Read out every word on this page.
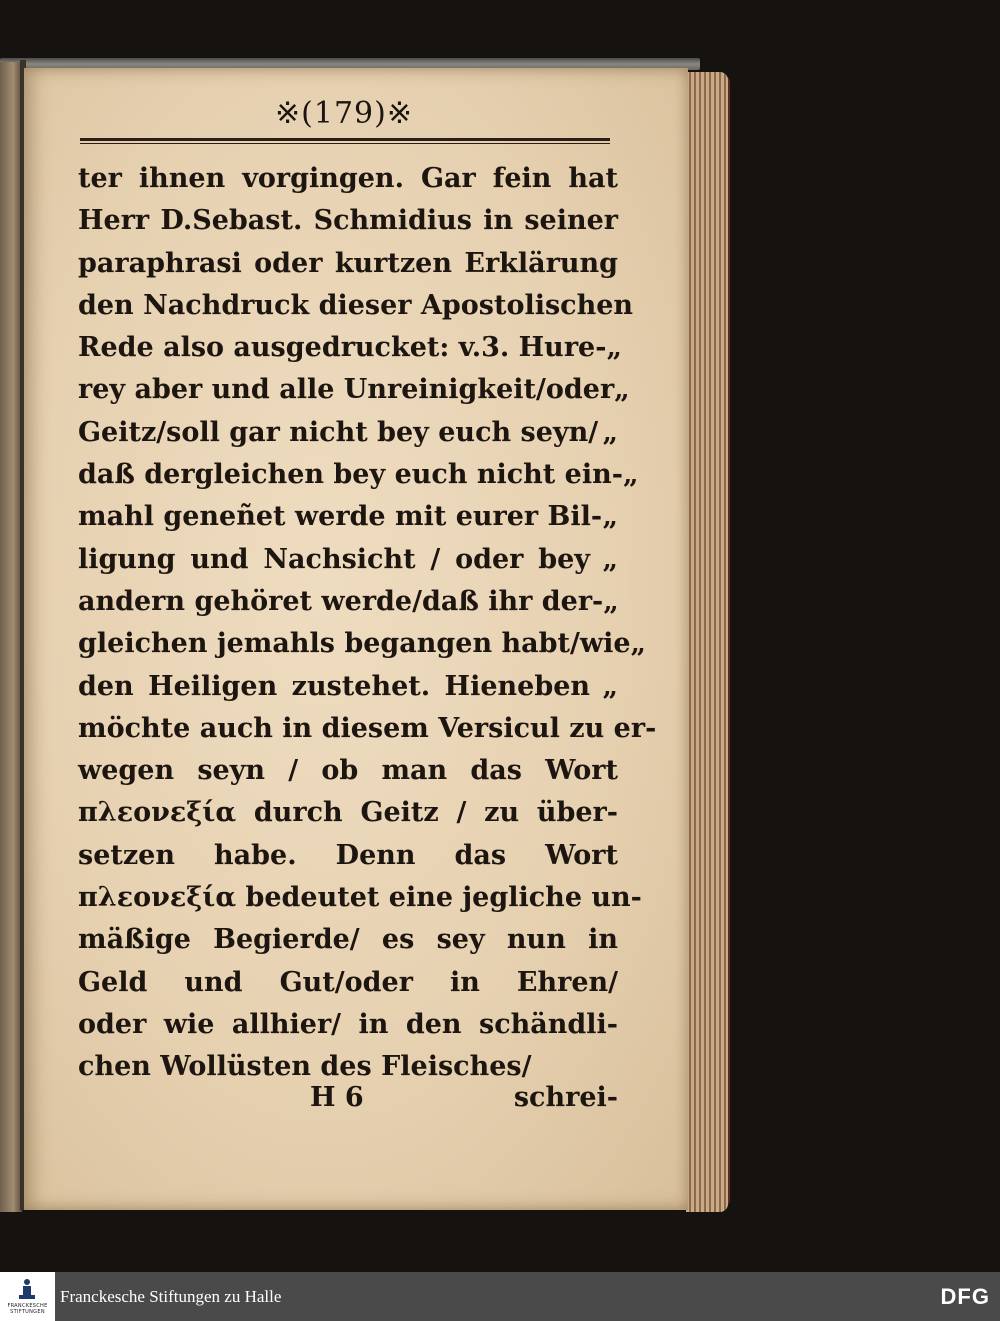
※(179)※
ter ihnen vorgingen. Gar fein hat
Herr D.Sebast. Schmidius in seiner
paraphrasi oder kurtzen Erklärung
den Nachdruck dieser Apostolischen
Rede also ausgedrucket: v.3. Hure- „
rey aber und alle Unreinigkeit/oder „
Geitz/soll gar nicht bey euch seyn/ „
daß dergleichen bey euch nicht ein- „
mahl geneñet werde mit eurer Bil- „
ligung und Nachsicht / oder bey „
andern gehöret werde/daß ihr der- „
gleichen jemahls begangen habt/wie „
den Heiligen zustehet. Hieneben „
möchte auch in diesem Versicul zu er-
wegen seyn / ob man das Wort
πλεονεξία durch Geitz / zu über-
setzen habe. Denn das Wort
πλεονεξία bedeutet eine jegliche un-
mäßige Begierde/ es sey nun in
Geld und Gut/oder in Ehren/
oder wie allhier/ in den schändli-
chen Wollüsten des Fleisches/
H 6	schrei-
FRANCKESCHE STIFTUNGEN
Franckesche Stiftungen zu Halle	DFG
